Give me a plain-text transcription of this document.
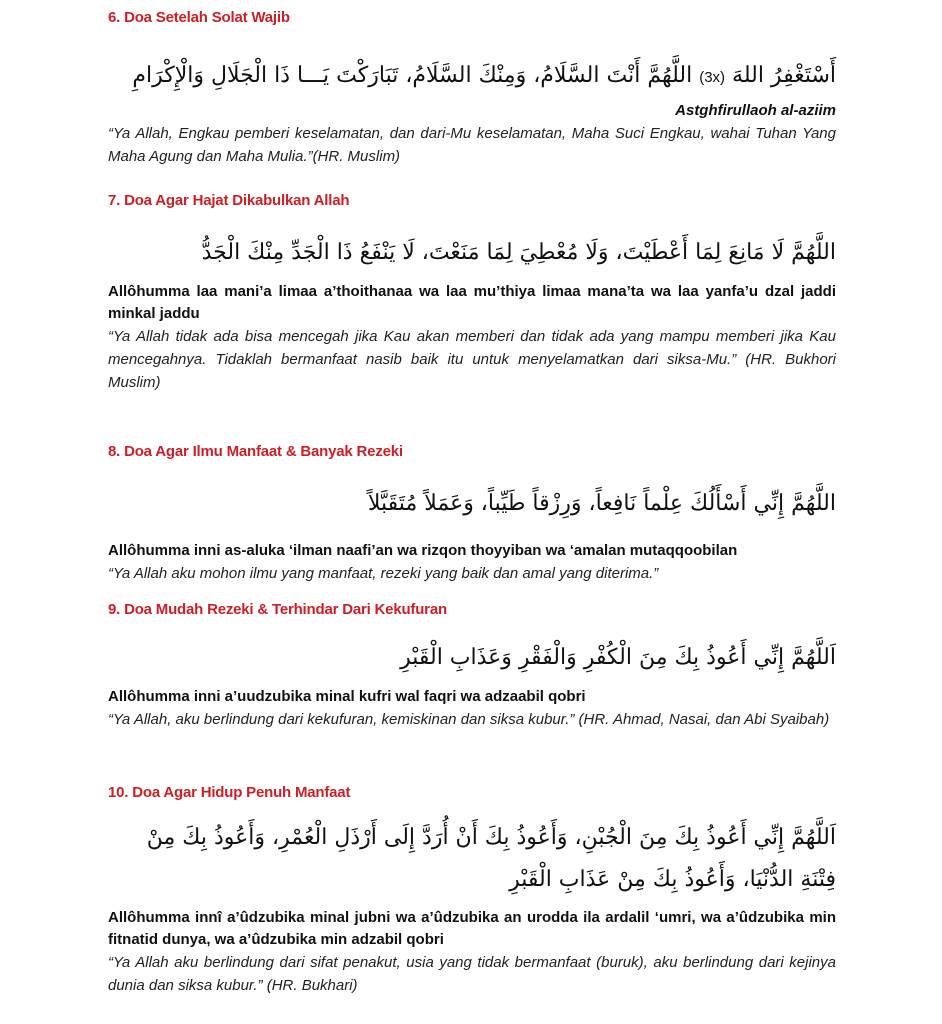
6. Doa Setelah Solat Wajib
أَسْتَغْفِرُ اللهَ (3x) اللَّهُمَّ أَنْتَ السَّلَامُ، وَمِنْكَ السَّلَامُ، تَبَارَكْتَ يَـــا ذَا الْجَلَالِ وَالْإِكْرَامِ

Astghfirullaoh al-aziim

“Ya Allah, Engkau pemberi keselamatan, dan dari-Mu keselamatan, Maha Suci Engkau, wahai Tuhan Yang Maha Agung dan Maha Mulia.”(HR. Muslim)

7. Doa Agar Hajat Dikabulkan Allah
اللَّهُمَّ لَا مَانِعَ لِمَا أَعْطَيْتَ، وَلَا مُعْطِيَ لِمَا مَنَعْتَ، لَا يَنْفَعُ ذَا الْجَدِّ مِنْكَ الْجَدُّ

Allôhumma laa mani’a limaa a’thoithanaa wa laa mu’thiya limaa mana’ta wa laa yanfa’u dzal jaddi minkal jaddu

“Ya Allah tidak ada bisa mencegah jika Kau akan memberi dan tidak ada yang mampu memberi jika Kau mencegahnya. Tidaklah bermanfaat nasib baik itu untuk menyelamatkan dari siksa-Mu.” (HR. Bukhori Muslim)

8. Doa Agar Ilmu Manfaat & Banyak Rezeki
اللَّهُمَّ إِنِّي أَسْأَلُكَ عِلْماً نَافِعاً، وَرِزْقاً طَيِّباً، وَعَمَلاً مُتَقَبَّلاً

Allôhumma inni as-aluka ‘ilman naafi’an wa rizqon thoyyiban wa ‘amalan mutaqqoobilan

“Ya Allah aku mohon ilmu yang manfaat, rezeki yang baik dan amal yang diterima.”

9. Doa Mudah Rezeki & Terhindar Dari Kekufuran
اَللَّهُمَّ إِنِّي أَعُوذُ بِكَ مِنَ الْكُفْرِ وَالْفَقْرِ وَعَذَابِ الْقَبْرِ

Allôhumma inni a’uudzubika minal kufri wal faqri wa adzaabil qobri

“Ya Allah, aku berlindung dari kekufuran, kemiskinan dan siksa kubur.” (HR. Ahmad, Nasai, dan Abi Syaibah)

10. Doa Agar Hidup Penuh Manfaat
اَللَّهُمَّ إِنِّي أَعُوذُ بِكَ مِنَ الْجُبْنِ، وَأَعُوذُ بِكَ أَنْ أُرَدَّ إِلَى أَرْذَلِ الْعُمْرِ، وَأَعُوذُ بِكَ مِنْ فِتْنَةِ الدُّنْيَا، وَأَعُوذُ بِكَ مِنْ عَذَابِ الْقَبْرِ

Allôhumma innî a’ûdzubika minal jubni wa a’ûdzubika an urodda ila ardalil ‘umri, wa a’ûdzubika min fitnatid dunya, wa a’ûdzubika min adzabil qobri

“Ya Allah aku berlindung dari sifat penakut, usia yang tidak bermanfaat (buruk), aku berlindung dari kejinya dunia dan siksa kubur.” (HR. Bukhari)
